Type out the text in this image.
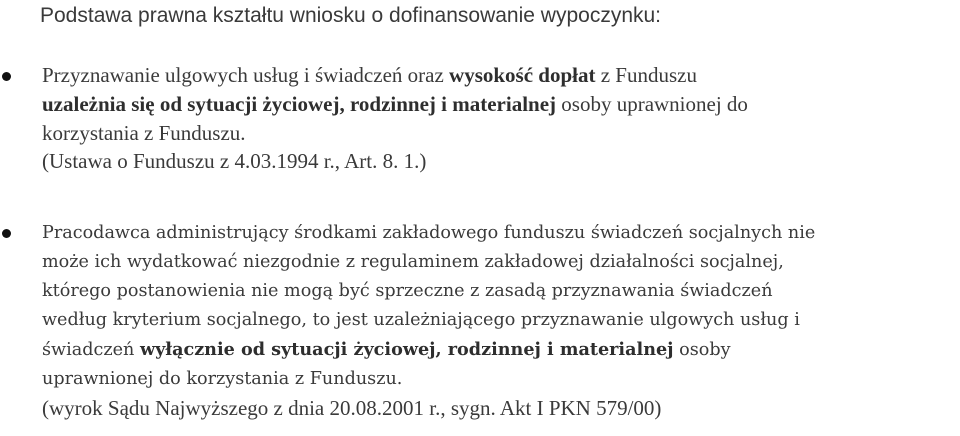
Podstawa prawna kształtu wniosku o dofinansowanie wypoczynku:
Przyznawanie ulgowych usług i świadczeń oraz wysokość dopłat z Funduszu
uzależnia się od sytuacji życiowej, rodzinnej i materialnej osoby uprawnionej do
korzystania z Funduszu.
(Ustawa o Funduszu z 4.03.1994 r., Art. 8. 1.)
Pracodawca administrujący środkami zakładowego funduszu świadczeń socjalnych nie
może ich wydatkować niezgodnie z regulaminem zakładowej działalności socjalnej,
którego postanowienia nie mogą być sprzeczne z zasadą przyznawania świadczeń
według kryterium socjalnego, to jest uzależniającego przyznawanie ulgowych usług i
świadczeń wyłącznie od sytuacji życiowej, rodzinnej i materialnej osoby
uprawnionej do korzystania z Funduszu.
(wyrok Sądu Najwyższego z dnia 20.08.2001 r., sygn. Akt I PKN 579/00)
